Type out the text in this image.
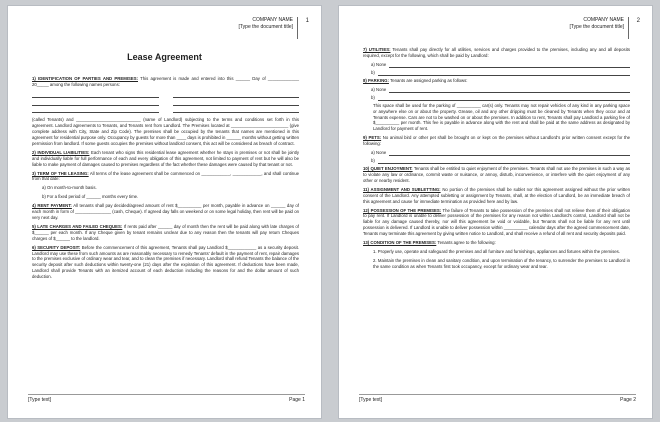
COMPANY NAME
[Type the document title]
1
Lease Agreement

1) IDENTIFICATION OF PARTIES AND PREMISES: This agreement is made and entered into this ______ Day of _____________ 20_____ among the following names persons:

(called Tenants) and ___________________________ (name of Landlord) subjecting to the terms and conditions set forth in this agreement. Landlord agreements to Tenants, and Tenants rent from Landlord. The Premises located at ________________________ (give complete address with City, State and Zip Code). The premises shall be occupied by the tenants that names are mentioned in this agreement for residential purpose only. Occupancy by guests for more than ____ days is prohibited in ______ months without getting written permission from landlord. If some guests occupies the premises without landlord consent, this act will be considered as breach of contract.

2) INDIVIDUAL LIABILITIES: Each tenant who signs this residential lease agreement whether he stays in premises or not shall be jointly and individually liable for full performance of each and every obligation of this agreement, not limited to payment of rent but he will also be liable to make payment of damages caused to premises regardless of the fact whether these damages were caused by that tenant or not.

3) TERM OF THE LEASING: All terms of the lease agreement shall be commenced on ____________, ____________, and shall continue from that date:

a) On month-to-month basis.

b) For a fixed period of ______ months every time.

4) RENT PAYMENT: All tenants shall pay decided/agreed amount of rent $__________ per month, payable in advance on ______ day of each month in form of _______________ (cash, Cheque). If agreed day falls on weekend or on some legal holiday, then rent will be paid on very next day.

5) LATE CHARGES AND FAILED CHEQUES: If rents paid after ______ day of month then the rent will be paid along with late charges of $______ per each month. If any Cheque given by tenant remains unclear due to any reason then the tenants will pay return Cheques charges of $______ to the landlord.

6) SECURITY DEPOSIT: Before the commencement of this agreement, Tenants shall pay Landlord $____________ as a security deposit. Landlord may use these from such amounts as are reasonably necessary to remedy Tenants' default in the payment of rent, repair damages to the premises exclusive of ordinary wear and tear, and to clean the premises if necessary. Landlord shall refund Tenants the balance of the security deposit after such deductions within twenty-one (21) days after the expiration of this agreement. If deductions have been made, Landlord shall provide Tenants with an itemized account of each deduction including the reasons for and the dollar amount of such deduction.

[Type text]	Page 1
COMPANY NAME
[Type the document title]
2

7) UTILITIES: Tenants shall pay directly for all utilities, services and charges provided to the premises, including any and all deposits required, except for the following, which shall be paid by Landlord:

a) None
b)

8) PARKING: Tenants are assigned parking as follows:

a) None
b)

This space shall be used for the parking of __________ car(s) only. Tenants may not repair vehicles of any kind in any parking space or anywhere else on or about the property. Grease, oil and any other dripping must be cleaned by Tenants when they occur and at Tenants expense. Cars are not to be washed on or about the premises. In addition to rent, Tenants shall pay Landlord a parking fee of $__________ per month. This fee is payable in advance along with the rent and shall be paid at the same address as designated by Landlord for payment of rent.

9) PETS: No animal bird or other pet shall be brought on or kept on the premises without Landlord's prior written consent except for the following:

a) None
b)

10) QUIET ENJOYMENT: Tenants shall be entitled to quiet enjoyment of the premises. Tenants shall not use the premises in such a way as to violate any law or ordinance, commit waste or nuisance, or annoy, disturb, inconvenience, or interfere with the quiet enjoyment of any other or nearby resident.

11) ASSIGNMENT AND SUBLETTING: No portion of the premises shall be sublet nor this agreement assigned without the prior written consent of the Landlord. Any attempted subletting or assignment by Tenants, shall, at the election of Landlord, be an immediate breach of this agreement and cause for immediate termination as provided here and by law.

12) POSSESSION OF THE PREMISES: The failure of Tenants to take possession of the premises shall not relieve them of their obligation to pay rent. If Landlord is unable to deliver possession of the premises for any reason not within Landlord's control, Landlord shall not be liable for any damage caused thereby, nor will this agreement be void or voidable, but Tenants shall not be liable for any rent until possession is delivered. If Landlord is unable to deliver possession within __________ calendar days after the agreed commencement date, Tenants may terminate this agreement by giving written notice to Landlord, and shall receive a refund of all rent and security deposits paid.

13) CONDITION OF THE PREMISES: Tenants agree to the following:

1. Properly use, operate and safeguard the premises and all furniture and furnishings, appliances and fixtures within the premises.

2. Maintain the premises in clean and sanitary condition, and upon termination of the tenancy, to surrender the premises to Landlord in the same condition as when Tenants first took occupancy, except for ordinary wear and tear.

[Type text]	Page 2
